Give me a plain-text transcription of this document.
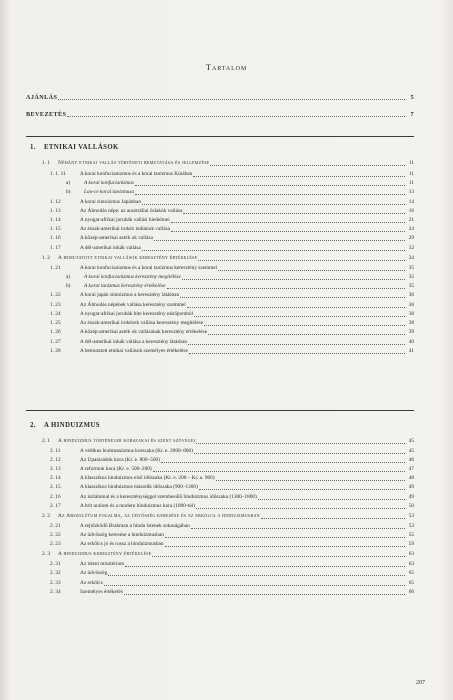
Tartalom
AJÁNLÁS	5
BEVEZETÉS	7
1.	ETNIKAI VALLÁSOK
1. 1	Néhány etnikai vallás történeti bemutatása és jellemzése	11
1. 1. 11	A korai konfucianizmus és a korai taoizmus Kínában	11
a)	A korai konfucianizmus	11
b)	Lao-ce korai taoizmusa	13
1. 12	A korai sintoizmus Japánban	14
1. 13	Az Álmodás népe: az ausztráliai őslakók vallása	16
1. 14	A nyugat-afrikai jorubák vallási hiedelmei	21
1. 15	Az észak-amerikai irokéz indiánok vallása	24
1. 16	A közép-amerikai azték ok vallása	29
1. 17	A dél-amerikai inkák vallása	32
1. 2	A bemutatott etnikai vallások keresztény értékelése	34
1. 21	A korai konfucianizmus és a korai taoizmus keresztény szemmel	35
a)	A korai konfucianizmus keresztény megítélése	35
b)	A korai taoizmus keresztény értékelése	35
1. 22	A korai japán sintoizmus a keresztény látásban	36
1. 23	Az Álmodás népének vallása keresztény szemmel	36
1. 24	A nyugat-afrikai jorubák hite keresztény nézőpontból	38
1. 25	Az észak-amerikai irokézek vallása keresztény megítélése	38
1. 26	A közép-amerikai azték ok vallásának keresztény értékelése	39
1. 27	A dél-amerikai inkák vallása a keresztény látásban	40
1. 28	A bemutatott etnikai vallások személyes értékelése	41
2.	A HINDUIZMUS
2. 1	A hinduizmus történelmi korszakai és szent szövegei	45
2. 11	A védikus brahmanizmus korszaka (Kr. e. 2000–800)	45
2. 12	Az Upanisádok kora (Kr. e. 800–500)	46
2. 13	A reformok kora (Kr. e. 500–200)	47
2. 14	A klasszikus hinduizmus első időszaka (Kr. e. 200 – Kr. u. 900)	48
2. 15	A klasszikus hinduizmus második időszaka (900–1300)	49
2. 16	Az iszlámmal és a kereszténységgel szembesülő hinduizmus időszaka (1300–1800)	49
2. 17	A brit uralom és a modern hinduizmus kora (1800-tól)	50
2. 2	Az Abszolútum fogalma, az üdvösség keresése és az erkölcs a hinduizmusban	53
2. 21	A rejtőzködő Brahman a hindu istenek sokaságában	53
2. 22	Az üdvösség keresése a hinduizmusban	55
2. 23	Az erkölcs jó és rossz a hinduizmusban	59
2. 3	A hinduizmus keresztény értékelése	63
2. 31	Az isteni misztérium	63
2. 32	Az üdvösség	65
2. 33	Az erkölcs	65
2. 34	Személyes értékelés	66
207
